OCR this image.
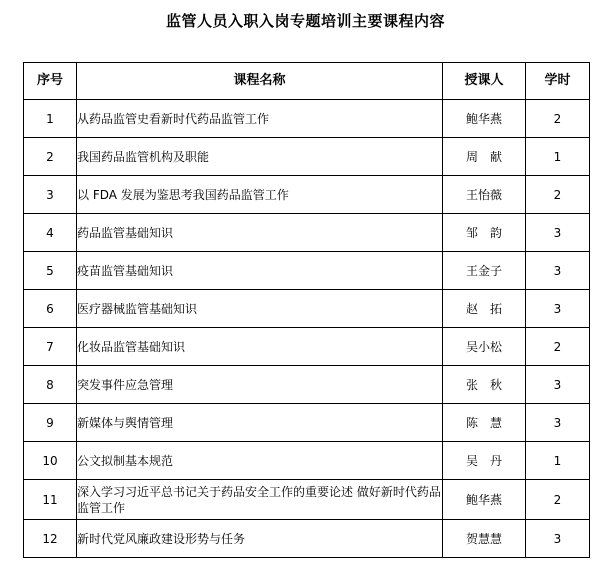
监管人员入职入岗专题培训主要课程内容
序号	课程名称	授课人	学时
1	从药品监管史看新时代药品监管工作	鲍华燕	2
2	我国药品监管机构及职能	周献	1
3	以 FDA 发展为鉴思考我国药品监管工作	王怡薇	2
4	药品监管基础知识	邹韵	3
5	疫苗监管基础知识	王金子	3
6	医疗器械监管基础知识	赵拓	3
7	化妆品监管基础知识	吴小松	2
8	突发事件应急管理	张秋	3
9	新媒体与舆情管理	陈慧	3
10	公文拟制基本规范	吴丹	1
11	深入学习习近平总书记关于药品安全工作的重要论述 做好新时代药品监管工作	鲍华燕	2
12	新时代党风廉政建设形势与任务	贺慧慧	3
